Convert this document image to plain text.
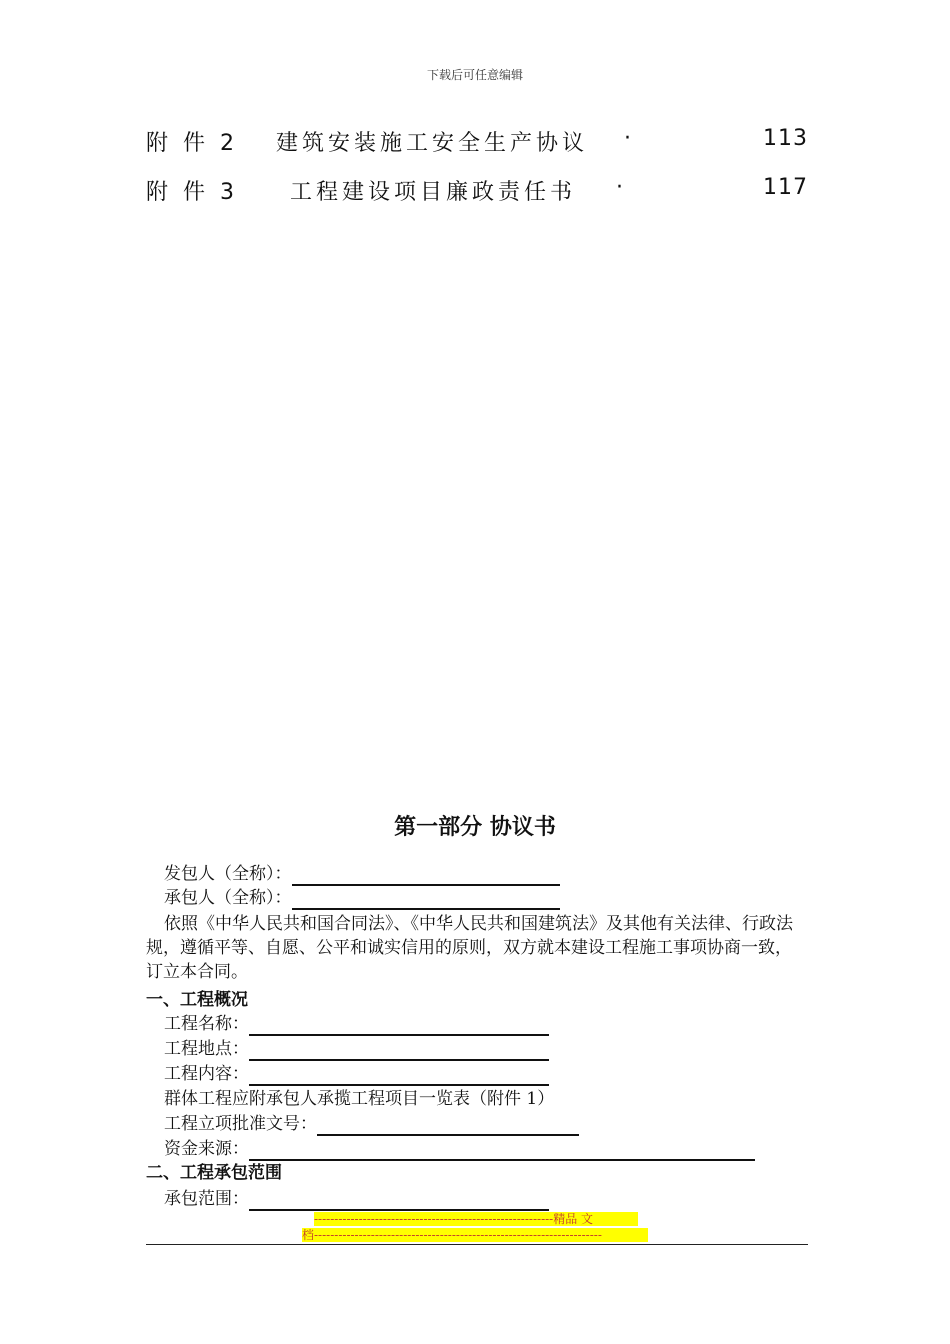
下载后可任意编辑
附 件 2 建筑安装施工安全生产协议 ·	113
附 件 3 工程建设项目廉政责任书 ·	117
第一部分 协议书
发包人（全称）：
承包人（全称）：
依照《中华人民共和国合同法》、《中华人民共和国建筑法》及其他有关法律、行政法规，遵循平等、自愿、公平和诚实信用的原则，双方就本建设工程施工事项协商一致，订立本合同。
一、工程概况
工程名称：
工程地点：
工程内容：
群体工程应附承包人承揽工程项目一览表（附件 1）
工程立项批准文号：
资金来源：
二、工程承包范围
承包范围：
-----------------------------------------------------------精品 文
档-----------------------------------------------------------------------
